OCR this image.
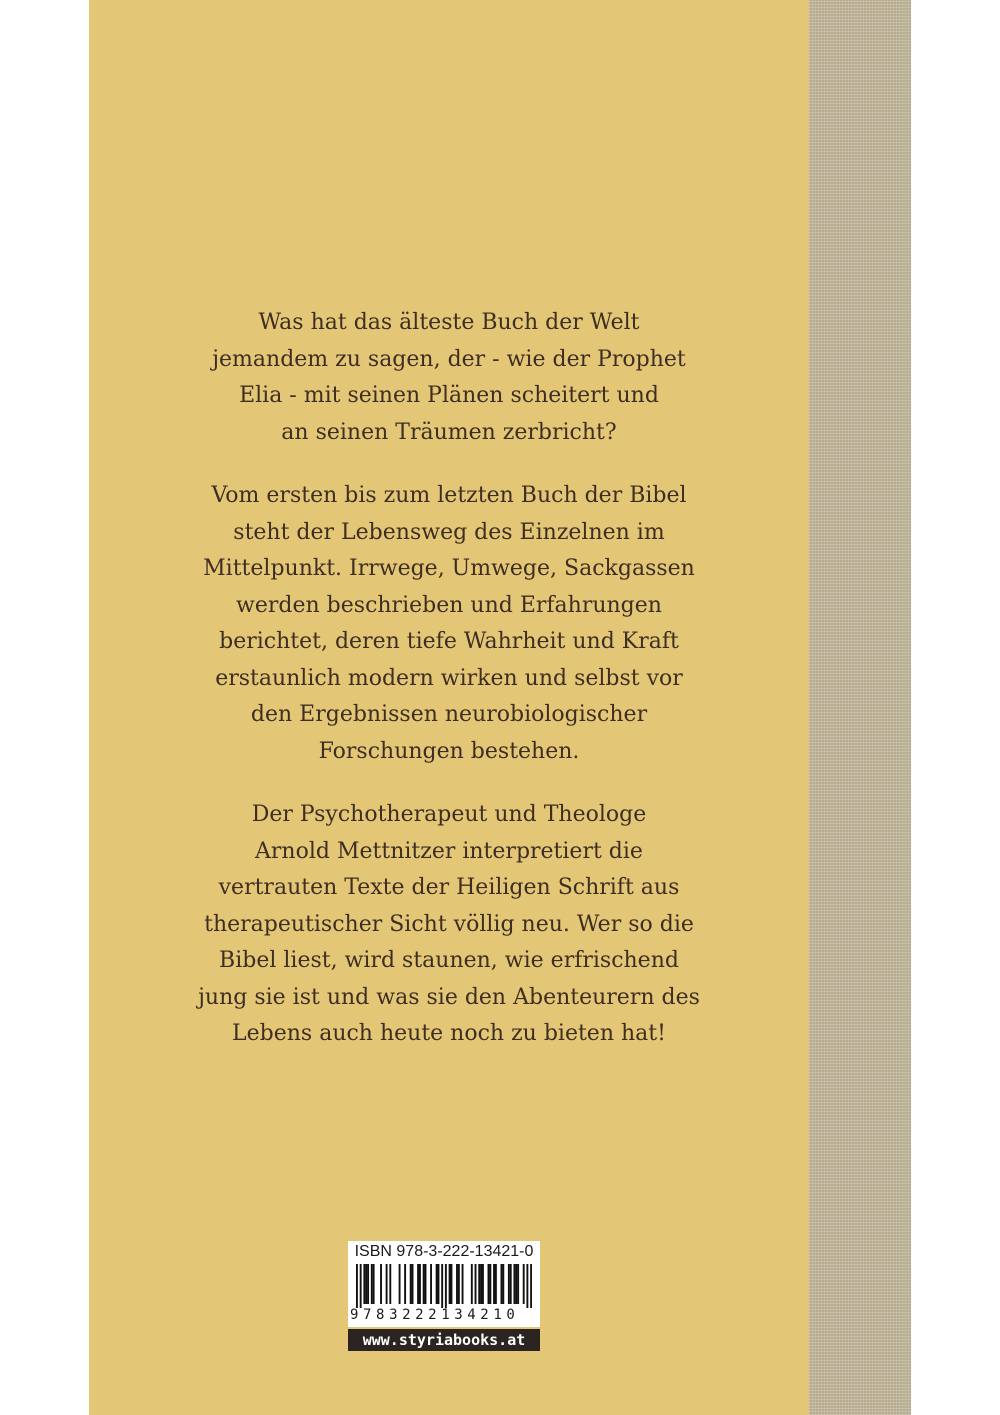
Was hat das älteste Buch der Welt
jemandem zu sagen, der - wie der Prophet
Elia - mit seinen Plänen scheitert und
an seinen Träumen zerbricht?
Vom ersten bis zum letzten Buch der Bibel
steht der Lebensweg des Einzelnen im
Mittelpunkt. Irrwege, Umwege, Sackgassen
werden beschrieben und Erfahrungen
berichtet, deren tiefe Wahrheit und Kraft
erstaunlich modern wirken und selbst vor
den Ergebnissen neurobiologischer
Forschungen bestehen.
Der Psychotherapeut und Theologe
Arnold Mettnitzer interpretiert die
vertrauten Texte der Heiligen Schrift aus
therapeutischer Sicht völlig neu. Wer so die
Bibel liest, wird staunen, wie erfrischend
jung sie ist und was sie den Abenteurern des
Lebens auch heute noch zu bieten hat!
ISBN 978-3-222-13421-0
9783222134210
www.styriabooks.at
